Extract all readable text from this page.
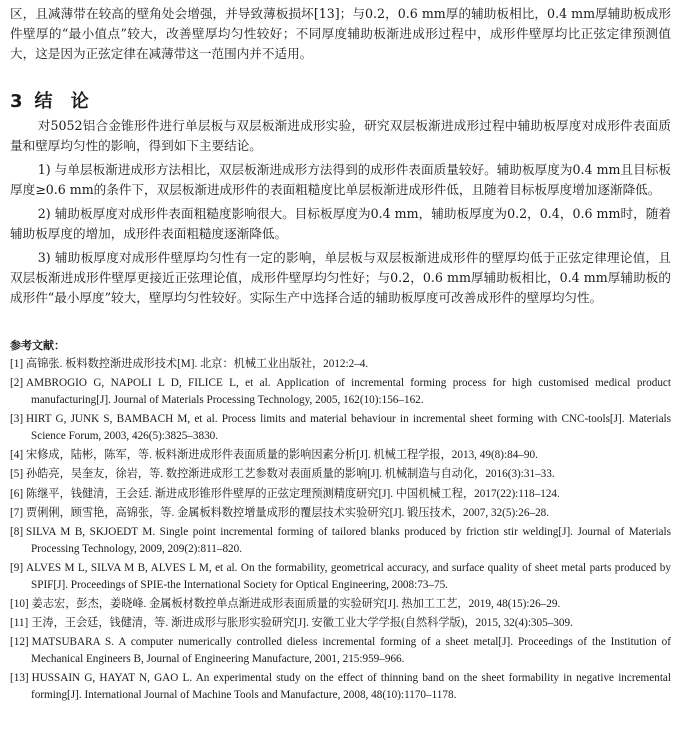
区，且减薄带在较高的壁角处会增强，并导致薄板损坏[13]；与0.2，0.6 mm厚的辅助板相比，0.4 mm厚辅助板成形件壁厚的“最小值点”较大，改善壁厚均匀性较好；不同厚度辅助板渐进成形过程中，成形件壁厚均比正弦定律预测值大，这是因为正弦定律在减薄带这一范围内并不适用。

3 结 论

对5052铝合金锥形件进行单层板与双层板渐进成形实验，研究双层板渐进成形过程中辅助板厚度对成形件表面质量和壁厚均匀性的影响，得到如下主要结论。

1) 与单层板渐进成形方法相比，双层板渐进成形方法得到的成形件表面质量较好。辅助板厚度为0.4 mm且目标板厚度≥0.6 mm的条件下，双层板渐进成形件的表面粗糙度比单层板渐进成形件低，且随着目标板厚度增加逐渐降低。

2) 辅助板厚度对成形件表面粗糙度影响很大。目标板厚度为0.4 mm，辅助板厚度为0.2，0.4，0.6 mm时，随着辅助板厚度的增加，成形件表面粗糙度逐渐降低。

3) 辅助板厚度对成形件壁厚均匀性有一定的影响，单层板与双层板渐进成形件的壁厚均低于正弦定律理论值，且双层板渐进成形件壁厚更接近正弦理论值，成形件壁厚均匀性好；与0.2，0.6 mm厚辅助板相比，0.4 mm厚辅助板的成形件“最小厚度”较大，壁厚均匀性较好。实际生产中选择合适的辅助板厚度可改善成形件的壁厚均匀性。

参考文献：
[1] 高锦张. 板料数控渐进成形技术[M]. 北京：机械工业出版社，2012:2–4.
[2] AMBROGIO G, NAPOLI L D, FILICE L, et al. Application of incremental forming process for high customised medical product manufacturing[J]. Journal of Materials Processing Technology, 2005, 162(10):156–162.
[3] HIRT G, JUNK S, BAMBACH M, et al. Process limits and material behaviour in incremental sheet forming with CNC-tools[J]. Materials Science Forum, 2003, 426(5):3825–3830.
[4] 宋修成，陆彬，陈军，等. 板料渐进成形件表面质量的影响因素分析[J]. 机械工程学报，2013, 49(8):84–90.
[5] 孙皓亮，吴奎友，徐岩，等. 数控渐进成形工艺参数对表面质量的影响[J]. 机械制造与自动化，2016(3):31–33.
[6] 陈继平，钱健清，王会廷. 渐进成形锥形件壁厚的正弦定理预测精度研究[J]. 中国机械工程，2017(22):118–124.
[7] 贾俐俐，顾雪艳，高锦张，等. 金属板料数控增量成形的覆层技术实验研究[J]. 锻压技术，2007, 32(5):26–28.
[8] SILVA M B, SKJOEDT M. Single point incremental forming of tailored blanks produced by friction stir welding[J]. Journal of Materials Processing Technology, 2009, 209(2):811–820.
[9] ALVES M L, SILVA M B, ALVES L M, et al. On the formability, geometrical accuracy, and surface quality of sheet metal parts produced by SPIF[J]. Proceedings of SPIE-the International Society for Optical Engineering, 2008:73–75.
[10] 姜志宏，彭杰，姜晓峰. 金属板材数控单点渐进成形表面质量的实验研究[J]. 热加工工艺，2019, 48(15):26–29.
[11] 王涛，王会廷，钱健清，等. 渐进成形与胀形实验研究[J]. 安徽工业大学学报(自然科学版)，2015, 32(4):305–309.
[12] MATSUBARA S. A computer numerically controlled dieless incremental forming of a sheet metal[J]. Proceedings of the Institution of Mechanical Engineers B, Journal of Engineering Manufacture, 2001, 215:959–966.
[13] HUSSAIN G, HAYAT N, GAO L. An experimental study on the effect of thinning band on the sheet formability in negative incremental forming[J]. International Journal of Machine Tools and Manufacture, 2008, 48(10):1170–1178.
